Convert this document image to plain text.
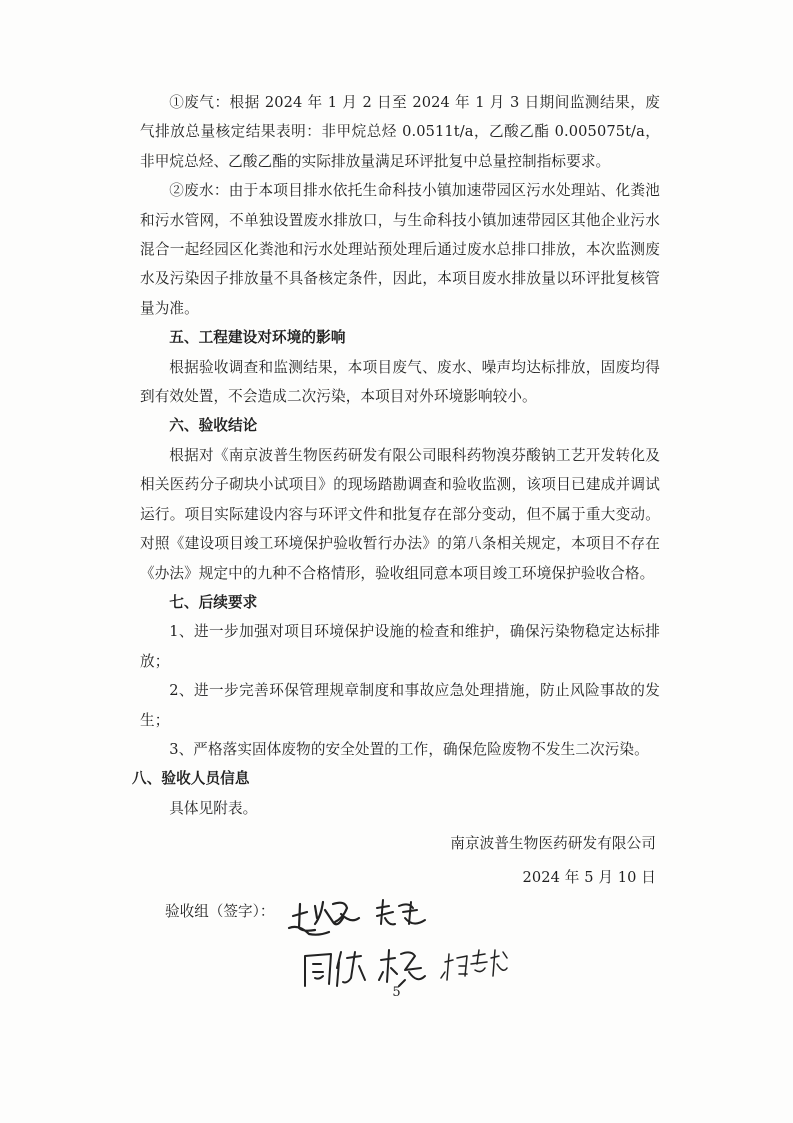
①废气：根据 2024 年 1 月 2 日至 2024 年 1 月 3 日期间监测结果，废气排放总量核定结果表明：非甲烷总烃 0.0511t/a，乙酸乙酯 0.005075t/a，非甲烷总烃、乙酸乙酯的实际排放量满足环评批复中总量控制指标要求。

②废水：由于本项目排水依托生命科技小镇加速带园区污水处理站、化粪池和污水管网，不单独设置废水排放口，与生命科技小镇加速带园区其他企业污水混合一起经园区化粪池和污水处理站预处理后通过废水总排口排放，本次监测废水及污染因子排放量不具备核定条件，因此，本项目废水排放量以环评批复核管量为准。

五、工程建设对环境的影响

根据验收调查和监测结果，本项目废气、废水、噪声均达标排放，固废均得到有效处置，不会造成二次污染，本项目对外环境影响较小。

六、验收结论

根据对《南京波普生物医药研发有限公司眼科药物溴芬酸钠工艺开发转化及相关医药分子砌块小试项目》的现场踏勘调查和验收监测，该项目已建成并调试运行。项目实际建设内容与环评文件和批复存在部分变动，但不属于重大变动。对照《建设项目竣工环境保护验收暂行办法》的第八条相关规定，本项目不存在《办法》规定中的九种不合格情形，验收组同意本项目竣工环境保护验收合格。

七、后续要求

1、进一步加强对项目环境保护设施的检查和维护，确保污染物稳定达标排放；

2、进一步完善环保管理规章制度和事故应急处理措施，防止风险事故的发生；

3、严格落实固体废物的安全处置的工作，确保危险废物不发生二次污染。

八、验收人员信息

具体见附表。

南京波普生物医药研发有限公司

2024 年 5 月 10 日

验收组（签字）：
5
